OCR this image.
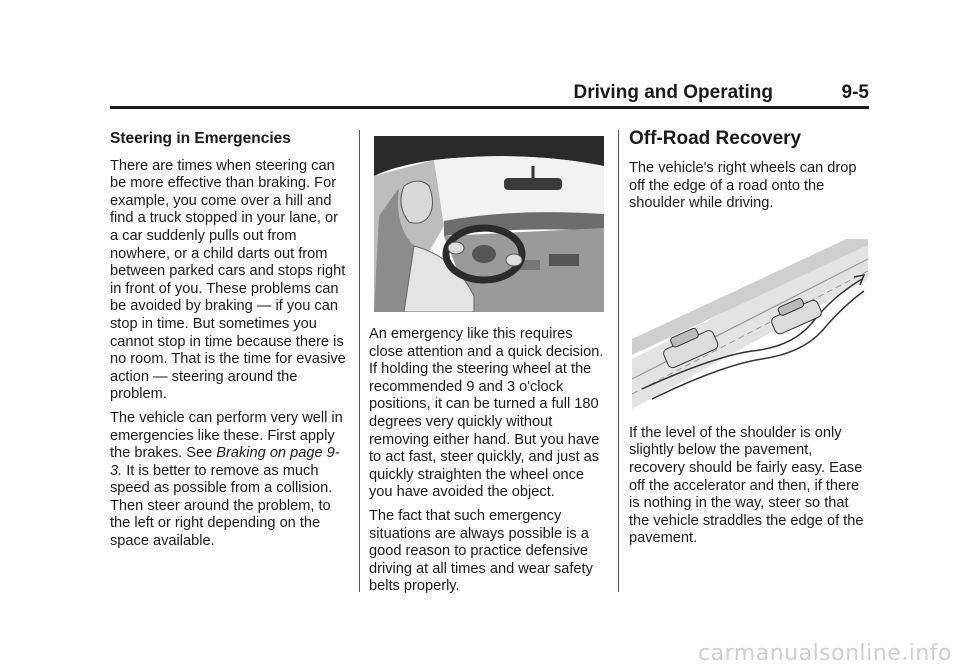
Driving and Operating	9-5
Steering in Emergencies

There are times when steering can be more effective than braking. For example, you come over a hill and find a truck stopped in your lane, or a car suddenly pulls out from nowhere, or a child darts out from between parked cars and stops right in front of you. These problems can be avoided by braking — if you can stop in time. But sometimes you cannot stop in time because there is no room. That is the time for evasive action — steering around the problem.

The vehicle can perform very well in emergencies like these. First apply the brakes. See Braking on page 9-3. It is better to remove as much speed as possible from a collision. Then steer around the problem, to the left or right depending on the space available.

An emergency like this requires close attention and a quick decision. If holding the steering wheel at the recommended 9 and 3 o'clock positions, it can be turned a full 180 degrees very quickly without removing either hand. But you have to act fast, steer quickly, and just as quickly straighten the wheel once you have avoided the object.

The fact that such emergency situations are always possible is a good reason to practice defensive driving at all times and wear safety belts properly.

Off-Road Recovery

The vehicle's right wheels can drop off the edge of a road onto the shoulder while driving.

If the level of the shoulder is only slightly below the pavement, recovery should be fairly easy. Ease off the accelerator and then, if there is nothing in the way, steer so that the vehicle straddles the edge of the pavement.

carmanualsonline.info
